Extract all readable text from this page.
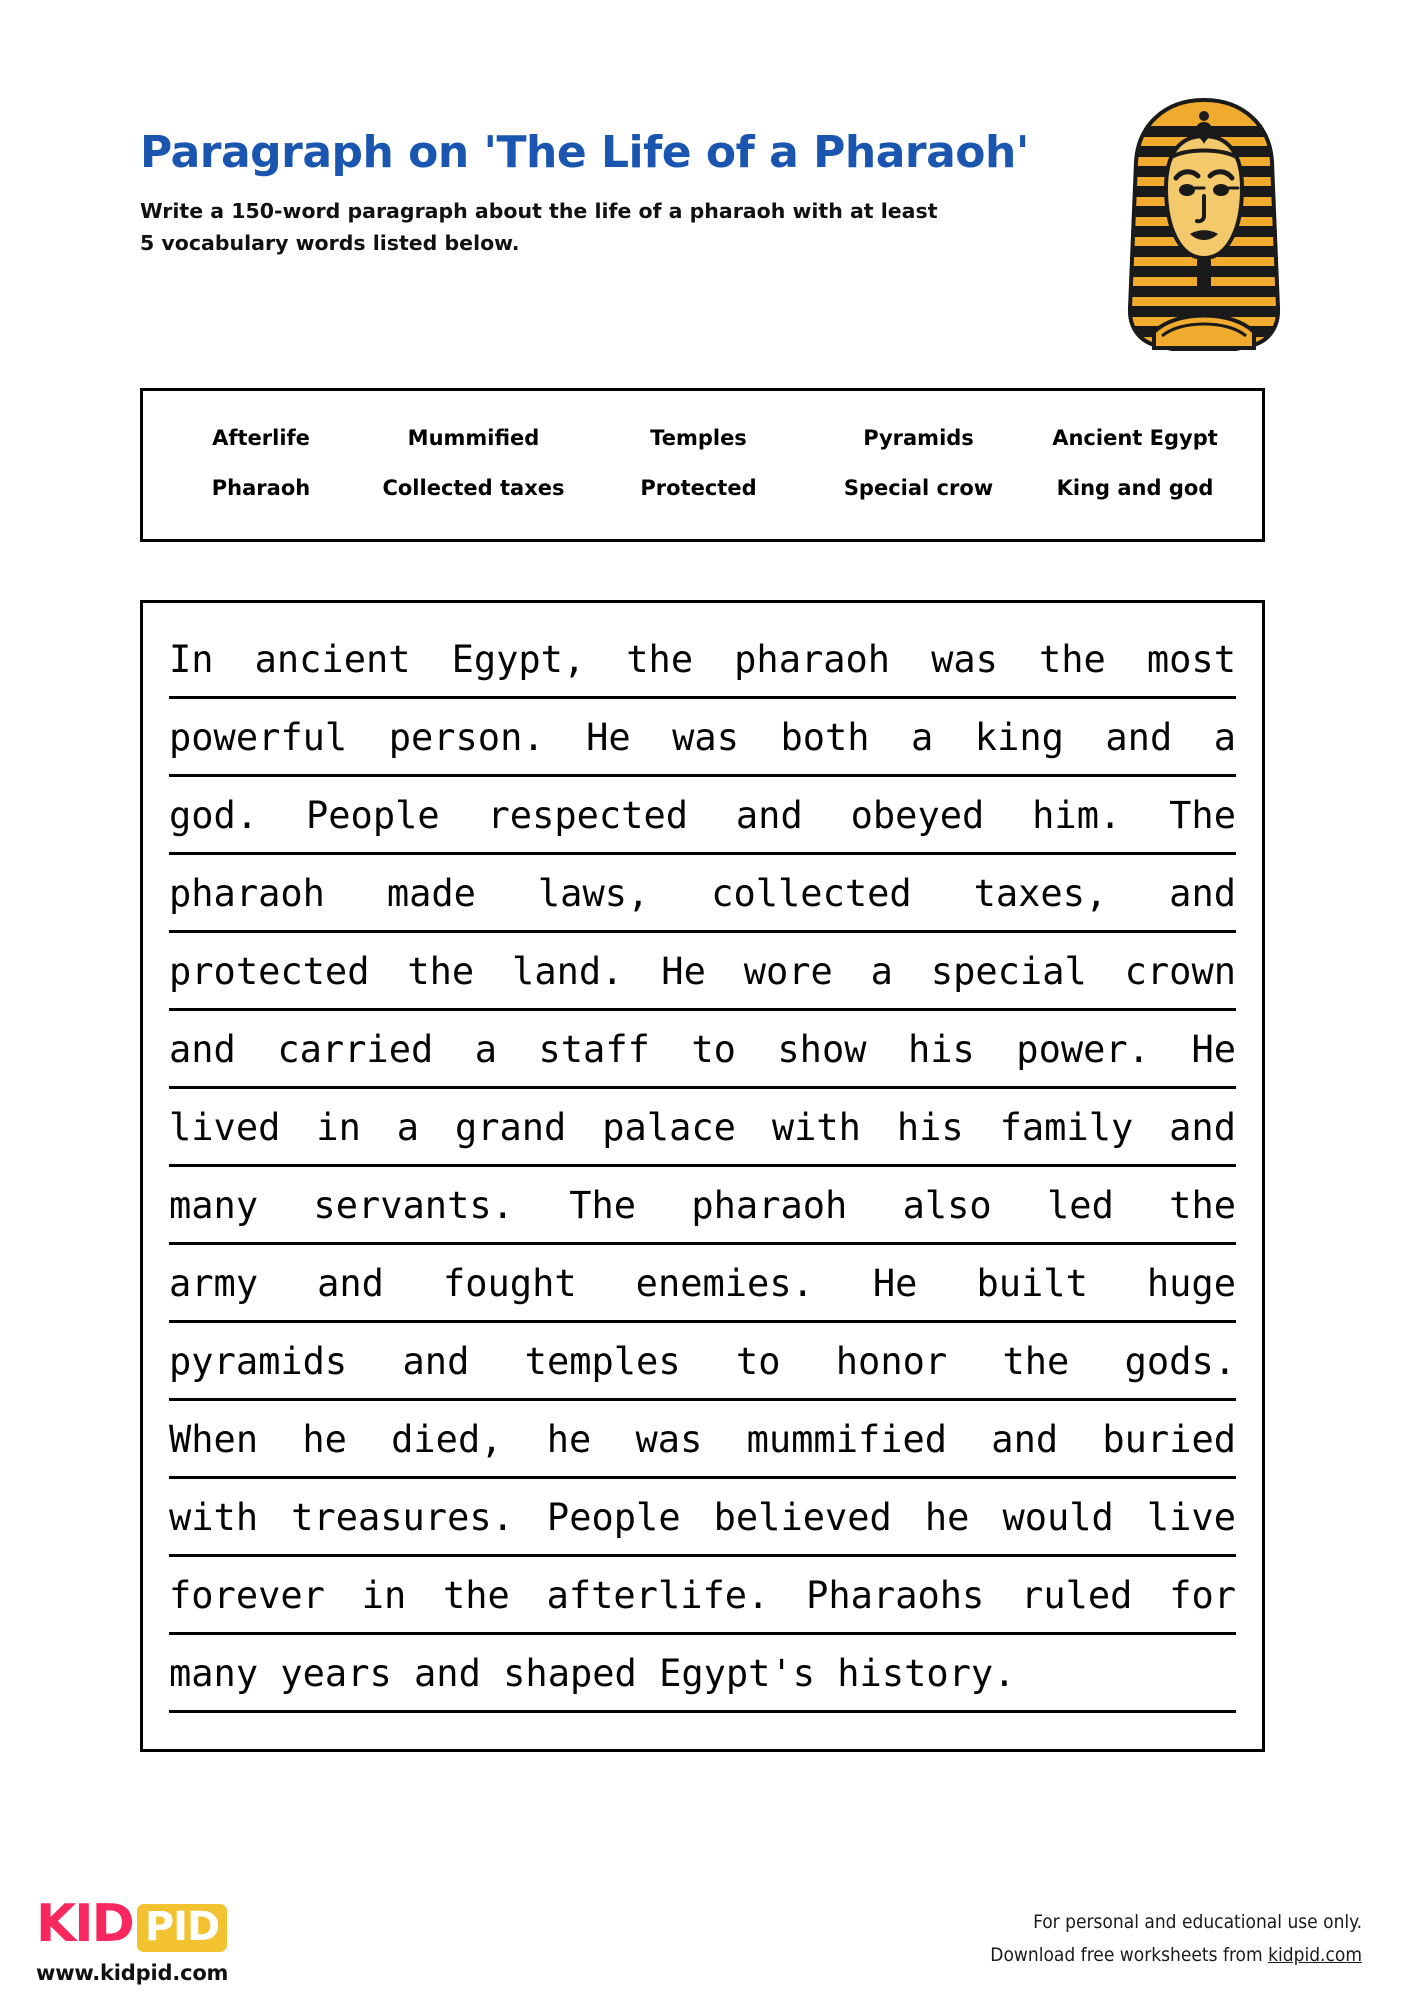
Paragraph on 'The Life of a Pharaoh'
Write a 150-word paragraph about the life of a pharaoh with at least
5 vocabulary words listed below.
Afterlife	Mummified	Temples	Pyramids	Ancient Egypt
Pharaoh	Collected taxes	Protected	Special crow	King and god
In ancient Egypt, the pharaoh was the most
powerful person. He was both a king and a
god. People respected and obeyed him. The
pharaoh made laws, collected taxes, and
protected the land. He wore a special crown
and carried a staff to show his power. He
lived in a grand palace with his family and
many servants. The pharaoh also led the
army and fought enemies. He built huge
pyramids and temples to honor the gods.
When he died, he was mummified and buried
with treasures. People believed he would live
forever in the afterlife. Pharaohs ruled for
many years and shaped Egypt's history.
KID PID
www.kidpid.com
For personal and educational use only.
Download free worksheets from kidpid.com
